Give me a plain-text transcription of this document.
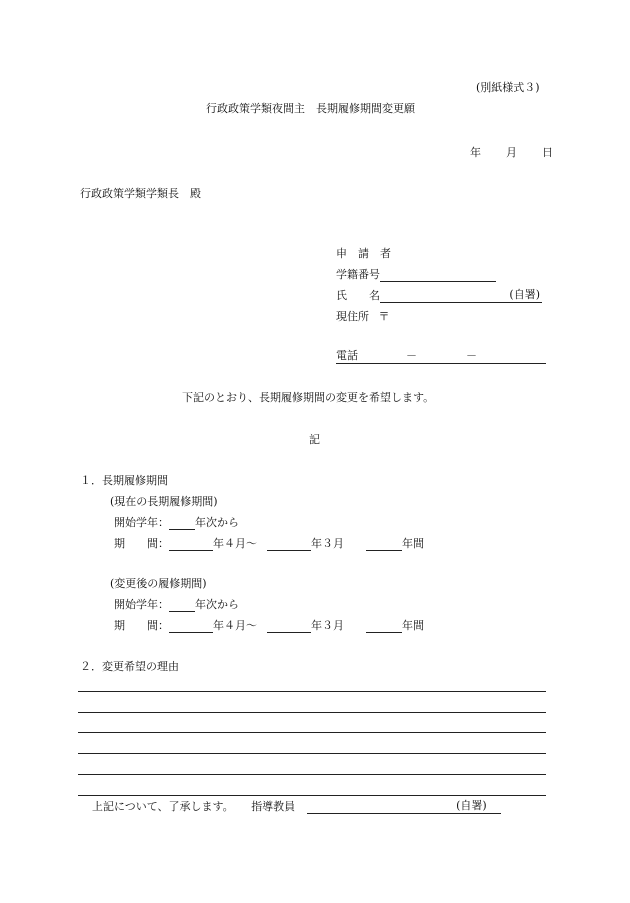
(別紙様式３)
行政政策学類夜間主　長期履修期間変更願
年 月 日
行政政策学類学類長　殿
申　請　者
学籍番号
氏　　名	(自署)
現住所 〒
電話	－	－
下記のとおり、長期履修期間の変更を希望します。
記
１．長期履修期間
(現在の長期履修期間)
開始学年： 年次から
期　　間：	年４月～	年３月	年間
(変更後の履修期間)
開始学年： 年次から
期　　間：	年４月～	年３月	年間
２．変更希望の理由
上記について、了承します。 指導教員	(自署)
